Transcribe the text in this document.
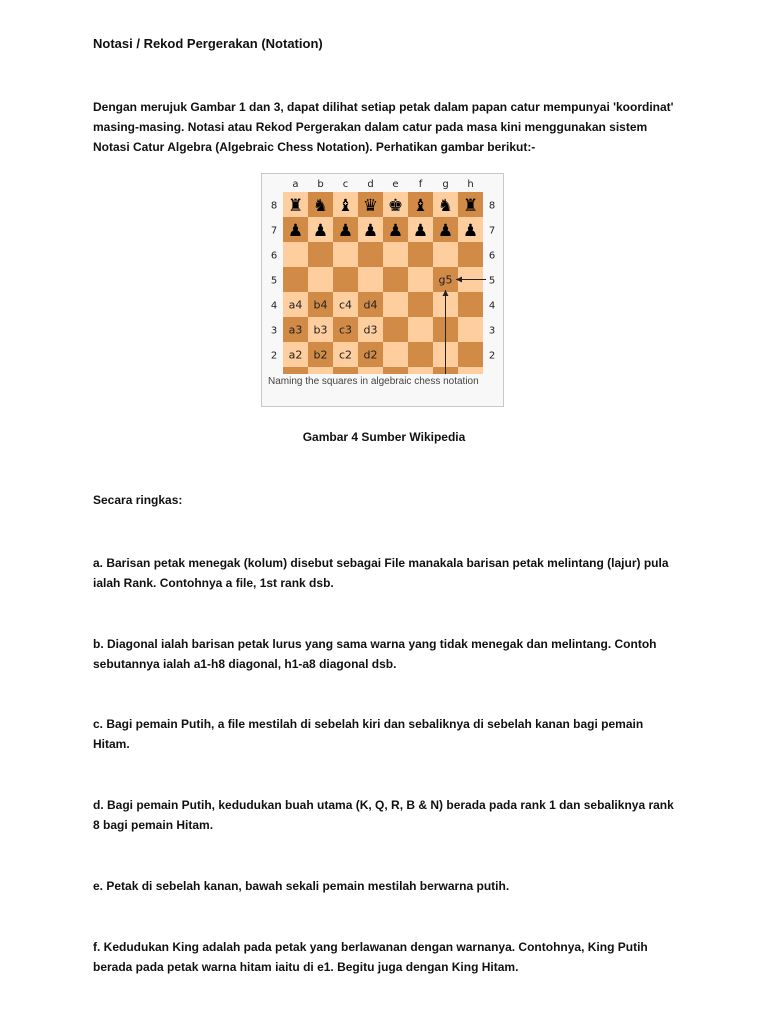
Notasi / Rekod Pergerakan (Notation)
Dengan merujuk Gambar 1 dan 3, dapat dilihat setiap petak dalam papan catur mempunyai 'koordinat' masing-masing. Notasi atau Rekod Pergerakan dalam catur pada masa kini menggunakan sistem Notasi Catur Algebra (Algebraic Chess Notation). Perhatikan gambar berikut:-
a b c d e f g h
8	8
7	7
6	6
5	5
4	4
3	3
2	2
♜ ♞ ♝ ♛ ♚ ♝ ♞ ♜
♟ ♟ ♟ ♟ ♟ ♟ ♟ ♟
a4 b4 c4 d4
a3 b3 c3 d3
a2 b2 c2 d2
g5
Naming the squares in algebraic chess notation
Gambar 4 Sumber Wikipedia
Secara ringkas:
a. Barisan petak menegak (kolum) disebut sebagai File manakala barisan petak melintang (lajur) pula ialah Rank. Contohnya a file, 1st rank dsb.
b. Diagonal ialah barisan petak lurus yang sama warna yang tidak menegak dan melintang. Contoh sebutannya ialah a1-h8 diagonal, h1-a8 diagonal dsb.
c. Bagi pemain Putih, a file mestilah di sebelah kiri dan sebaliknya di sebelah kanan bagi pemain Hitam.
d. Bagi pemain Putih, kedudukan buah utama (K, Q, R, B & N) berada pada rank 1 dan sebaliknya rank 8 bagi pemain Hitam.
e. Petak di sebelah kanan, bawah sekali pemain mestilah berwarna putih.
f. Kedudukan King adalah pada petak yang berlawanan dengan warnanya. Contohnya, King Putih berada pada petak warna hitam iaitu di e1. Begitu juga dengan King Hitam.
